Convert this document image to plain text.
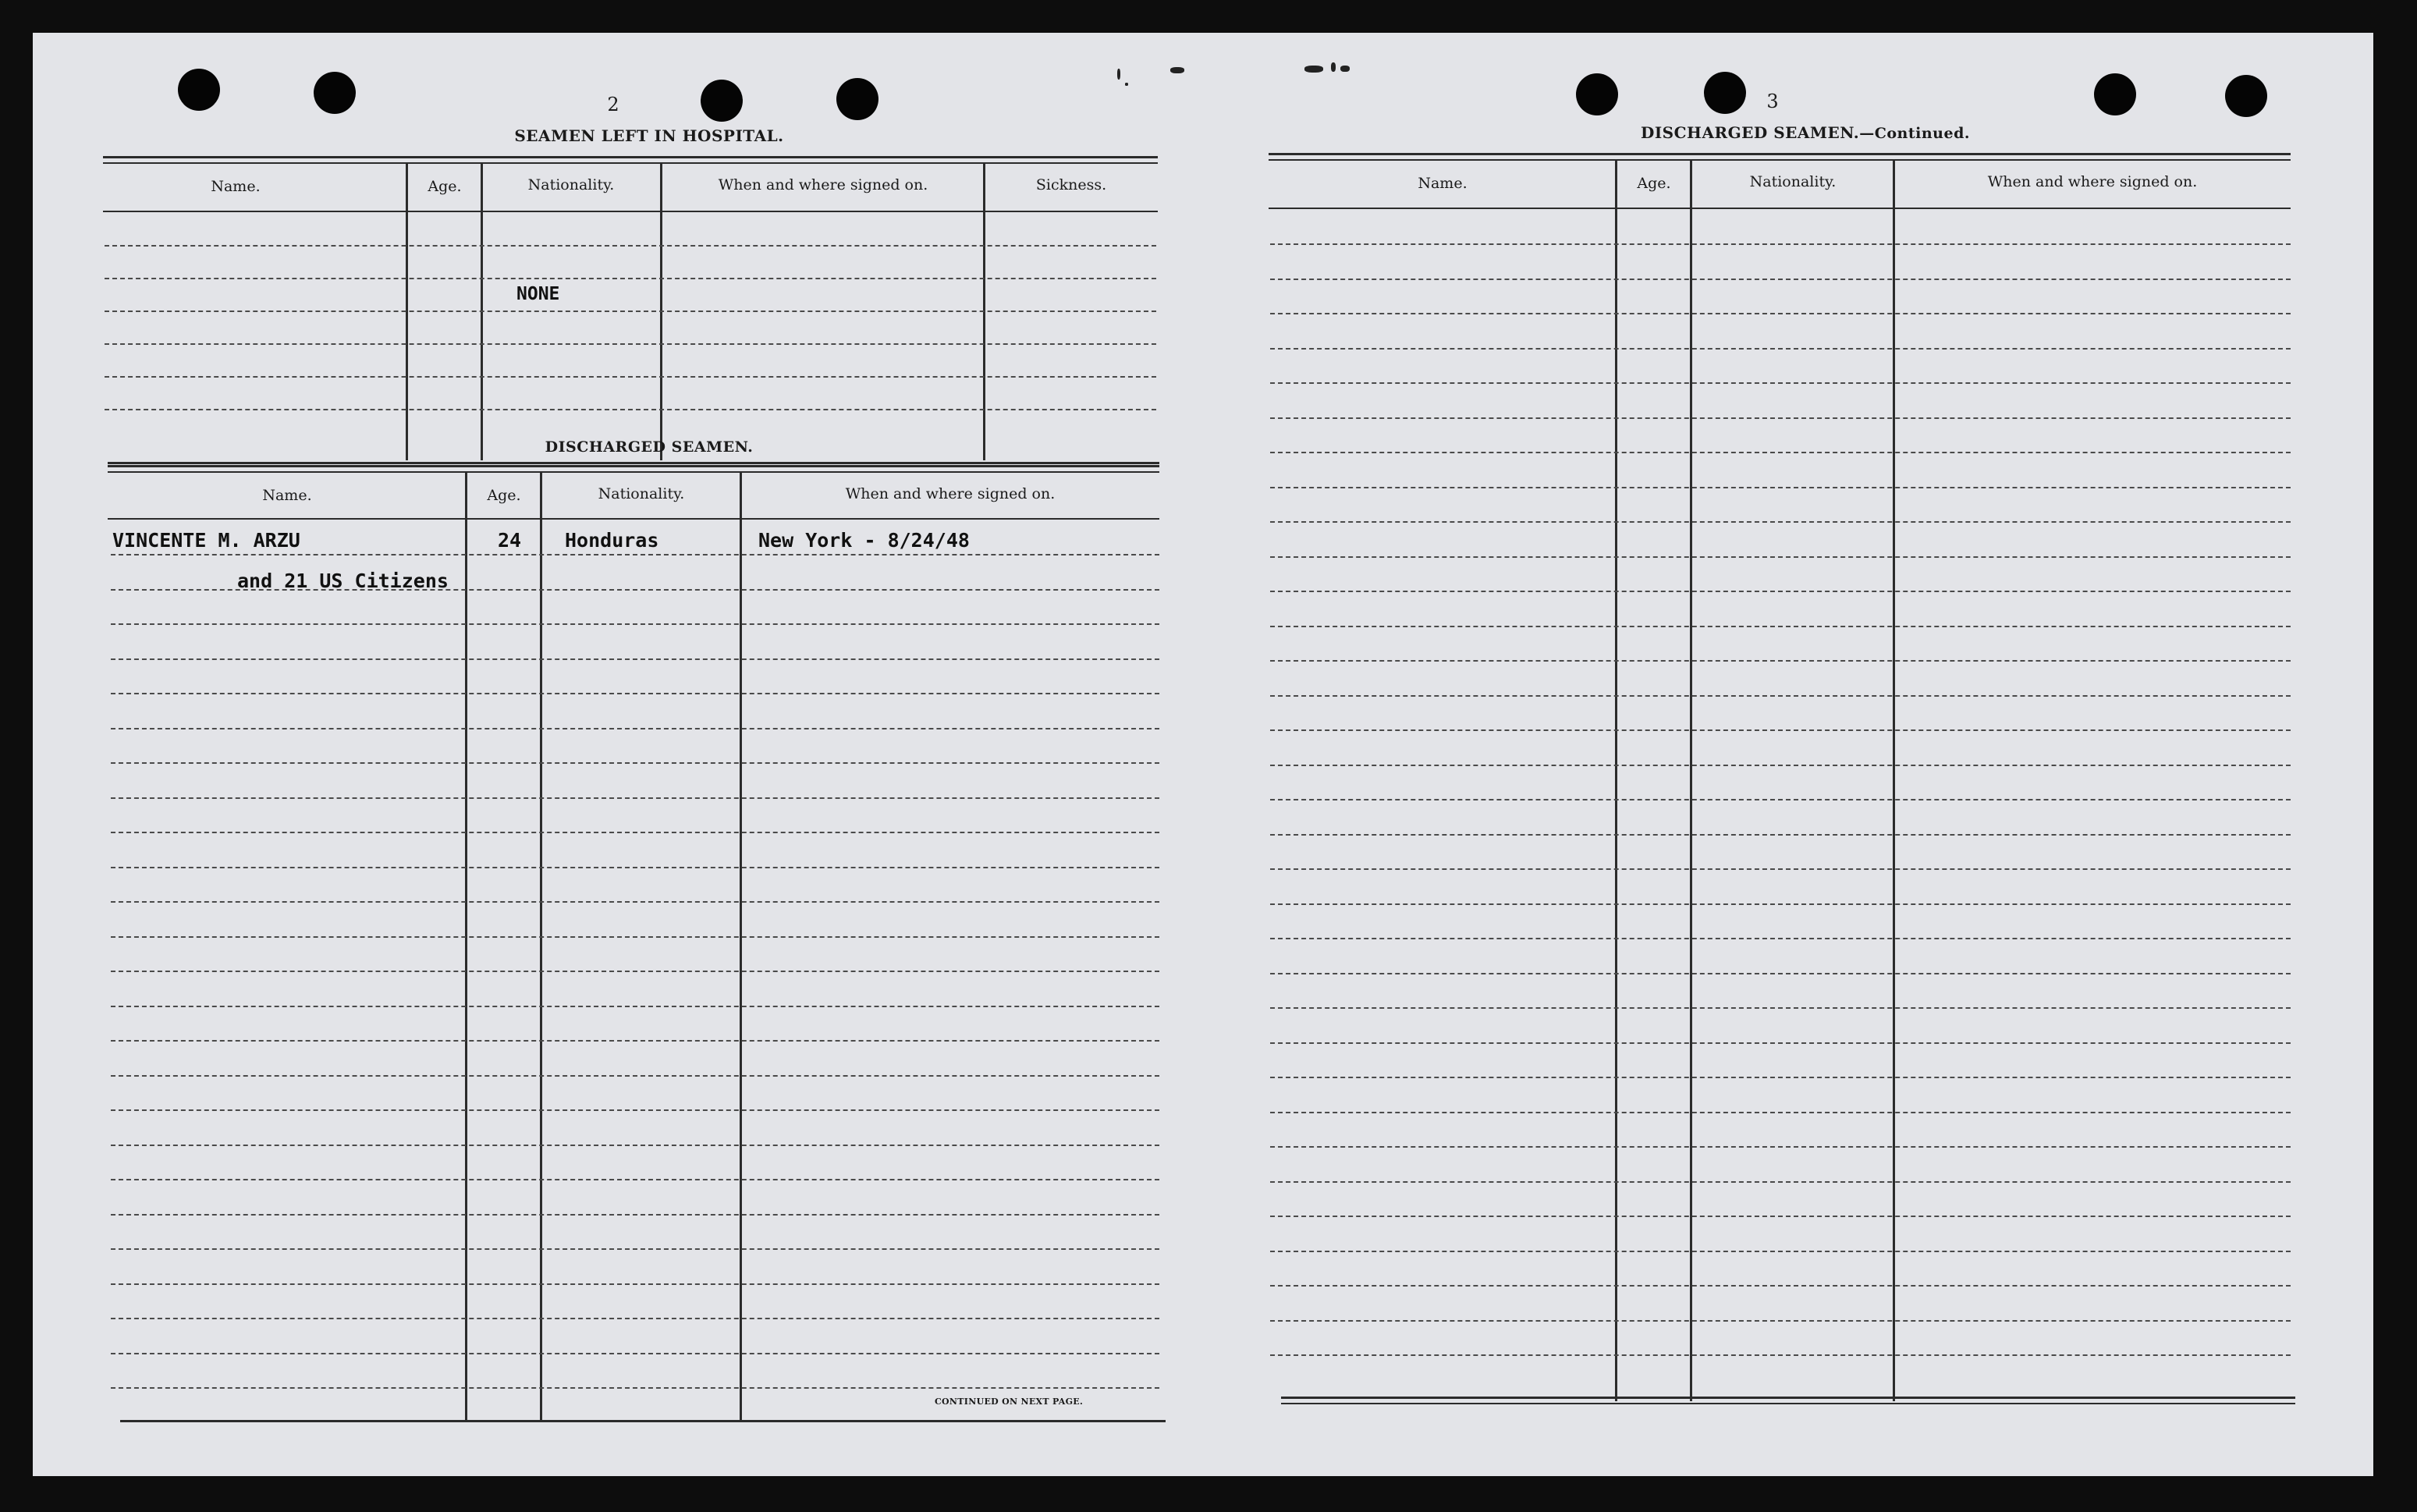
2
SEAMEN LEFT IN HOSPITAL.
Name.	Age.	Nationality.	When and where signed on.	Sickness.
NONE
DISCHARGED SEAMEN.
Name.	Age.	Nationality.	When and where signed on.
VINCENTE M. ARZU	24 Honduras	New York - 8/24/48
and 21 US Citizens
CONTINUED ON NEXT PAGE.
3
DISCHARGED SEAMEN.—Continued.
Name.	Age.	Nationality.	When and where signed on.
